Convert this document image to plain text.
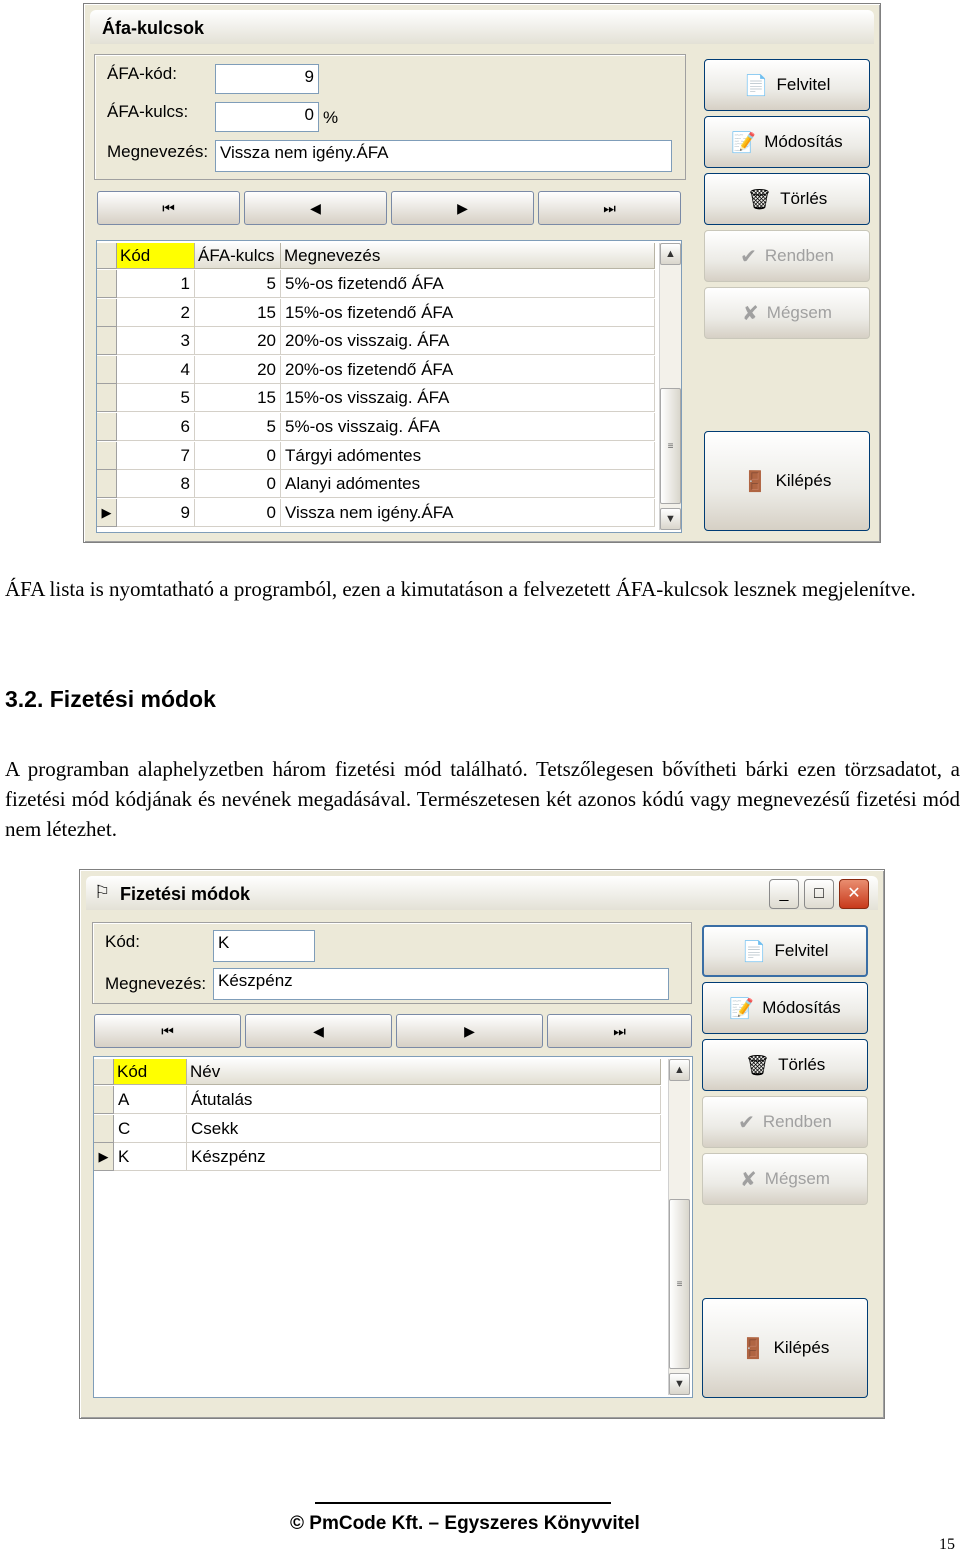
Áfa-kulcsok
ÁFA-kód:	9
ÁFA-kulcs:	0 %
Megnevezés: Vissza nem igény.ÁFA
⏮	◀	▶	⏭
Kód	ÁFA-kulcs Megnevezés
1	5 5%-os fizetendő ÁFA
2	15 15%-os fizetendő ÁFA
3	20 20%-os visszaig. ÁFA
4	20 20%-os fizetendő ÁFA
5	15 15%-os visszaig. ÁFA
6	5 5%-os visszaig. ÁFA
7	0 Tárgyi adómentes
8	0 Alanyi adómentes
▶	9	0 Vissza nem igény.ÁFA
▲
≡
▼
📄 Felvitel
📝 Módosítás
🗑 Törlés
✔ Rendben
✘ Mégsem
🚪 Kilépés
ÁFA lista is nyomtatható a programból, ezen a kimutatáson a felvezetett ÁFA-kulcsok lesznek megjelenítve.
3.2. Fizetési módok
A programban alaphelyzetben három fizetési mód található. Tetszőlegesen bővítheti bárki ezen törzsadatot, a fizetési mód kódjának és nevének megadásával. Természetesen két azonos kódú vagy megnevezésű fizetési mód nem létezhet.
⚐ Fizetési módok	_	□	✕
Kód:	K
Megnevezés: Készpénz
⏮	◀	▶	⏭
Kód	Név
A	Átutalás
C	Csekk
▶ K	Készpénz
▲
≡
▼
📄 Felvitel
📝 Módosítás
🗑 Törlés
✔ Rendben
✘ Mégsem
🚪 Kilépés
© PmCode Kft. – Egyszeres Könyvvitel
15
